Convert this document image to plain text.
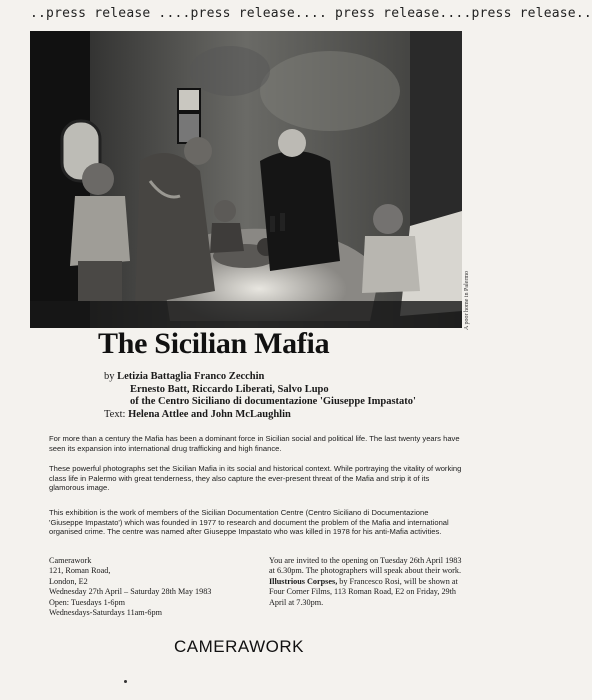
..press release ....press release.... press release....press release..
A poor home in Palermo
The Sicilian Mafia
by Letizia Battaglia Franco Zecchin
Ernesto Batt, Riccardo Liberati, Salvo Lupo
of the Centro Siciliano di documentazione 'Giuseppe Impastato'
Text: Helena Attlee and John McLaughlin
For more than a century the Mafia has been a dominant force in Sicilian social and political life. The last twenty years have seen its expansion into international drug trafficking and high finance.
These powerful photographs set the Sicilian Mafia in its social and historical context. While portraying the vitality of working class life in Palermo with great tenderness, they also capture the ever-present threat of the Mafia and strip it of its glamorous image.
This exhibition is the work of members of the Sicilian Documentation Centre (Centro Siciliano di Documentazione 'Giuseppe Impastato') which was founded in 1977 to research and document the problem of the Mafia and international organised crime. The centre was named after Giuseppe Impastato who was killed in 1978 for his anti-Mafia activities.
Camerawork
121, Roman Road,
London, E2
Wednesday 27th April – Saturday 28th May 1983
Open: Tuesdays 1-6pm
Wednesdays-Saturdays 11am-6pm
You are invited to the opening on Tuesday 26th April 1983 at 6.30pm. The photographers will speak about their work. Illustrious Corpses, by Francesco Rosi, will be shown at Four Corner Films, 113 Roman Road, E2 on Friday, 29th April at 7.30pm.
CAMERAWORK
